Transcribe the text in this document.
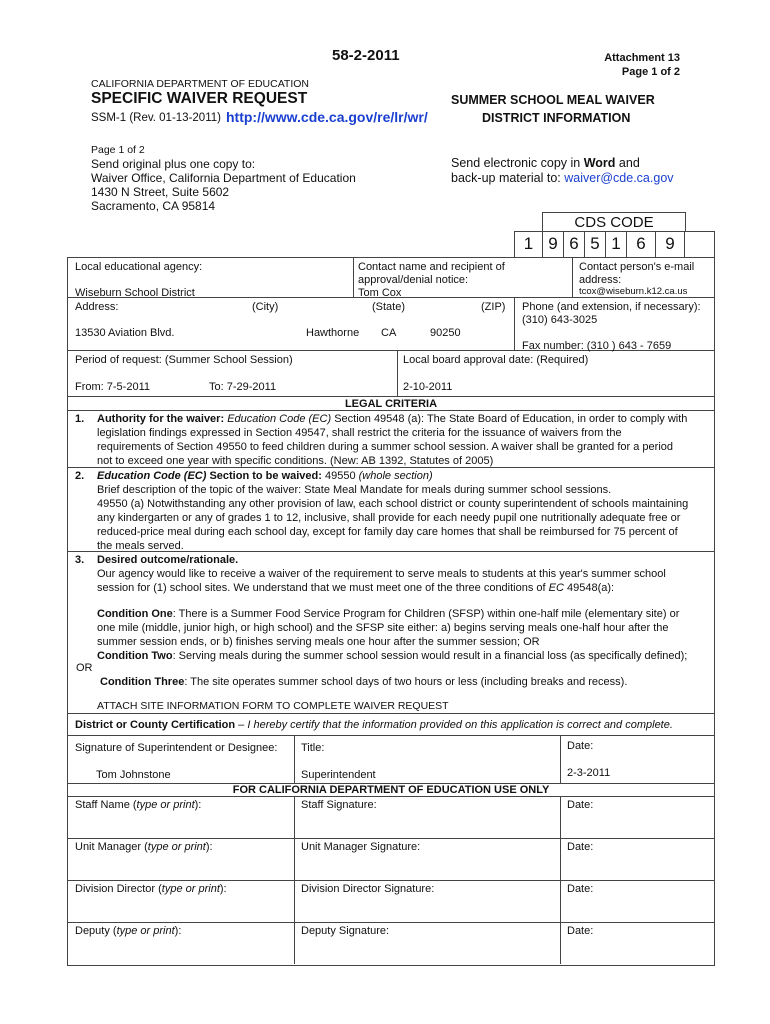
58-2-2011	Attachment 13
Page 1 of 2
CALIFORNIA DEPARTMENT OF EDUCATION
SPECIFIC WAIVER REQUEST
SSM-1 (Rev. 01-13-2011) http://www.cde.ca.gov/re/lr/wr/
SUMMER SCHOOL MEAL WAIVER
DISTRICT INFORMATION
Page 1 of 2
Send original plus one copy to:
Waiver Office, California Department of Education
1430 N Street, Suite 5602
Sacramento, CA 95814
Send electronic copy in Word and
back-up material to: waiver@cde.ca.gov
CDS CODE
1 9 6 5 1 6	9
Local educational agency:
Wiseburn School District
Contact name and recipient of
approval/denial notice:
Tom Cox
Contact person's e-mail
address:
tcox@wiseburn.k12.ca.us
Address:	(City)	(State)	(ZIP)
13530 Aviation Blvd.	Hawthorne CA	90250
Phone (and extension, if necessary):
(310) 643-3025
Fax number: (310 ) 643 - 7659
Period of request: (Summer School Session)
From: 7-5-2011	To: 7-29-2011
Local board approval date: (Required)
2-10-2011
LEGAL CRITERIA
1. Authority for the waiver: Education Code (EC) Section 49548 (a): The State Board of Education, in order to comply with
legislation findings expressed in Section 49547, shall restrict the criteria for the issuance of waivers from the
requirements of Section 49550 to feed children during a summer school session. A waiver shall be granted for a period
not to exceed one year with specific conditions. (New: AB 1392, Statutes of 2005)
2. Education Code (EC) Section to be waived: 49550 (whole section)
Brief description of the topic of the waiver: State Meal Mandate for meals during summer school sessions.
49550 (a) Notwithstanding any other provision of law, each school district or county superintendent of schools maintaining
any kindergarten or any of grades 1 to 12, inclusive, shall provide for each needy pupil one nutritionally adequate free or
reduced-price meal during each school day, except for family day care homes that shall be reimbursed for 75 percent of
the meals served.
3. Desired outcome/rationale.
Our agency would like to receive a waiver of the requirement to serve meals to students at this year's summer school
session for (1) school sites. We understand that we must meet one of the three conditions of EC 49548(a):
Condition One: There is a Summer Food Service Program for Children (SFSP) within one-half mile (elementary site) or
one mile (middle, junior high, or high school) and the SFSP site either: a) begins serving meals one-half hour after the
summer session ends, or b) finishes serving meals one hour after the summer session; OR
Condition Two: Serving meals during the summer school session would result in a financial loss (as specifically defined);
OR
Condition Three: The site operates summer school days of two hours or less (including breaks and recess).
ATTACH SITE INFORMATION FORM TO COMPLETE WAIVER REQUEST
District or County Certification – I hereby certify that the information provided on this application is correct and complete.
Signature of Superintendent or Designee: Title:	Date:
Tom Johnstone	Superintendent	2-3-2011
FOR CALIFORNIA DEPARTMENT OF EDUCATION USE ONLY
Staff Name (type or print):	Staff Signature:	Date:
Unit Manager (type or print):	Unit Manager Signature:	Date:
Division Director (type or print):	Division Director Signature:	Date:
Deputy (type or print):	Deputy Signature:	Date:
